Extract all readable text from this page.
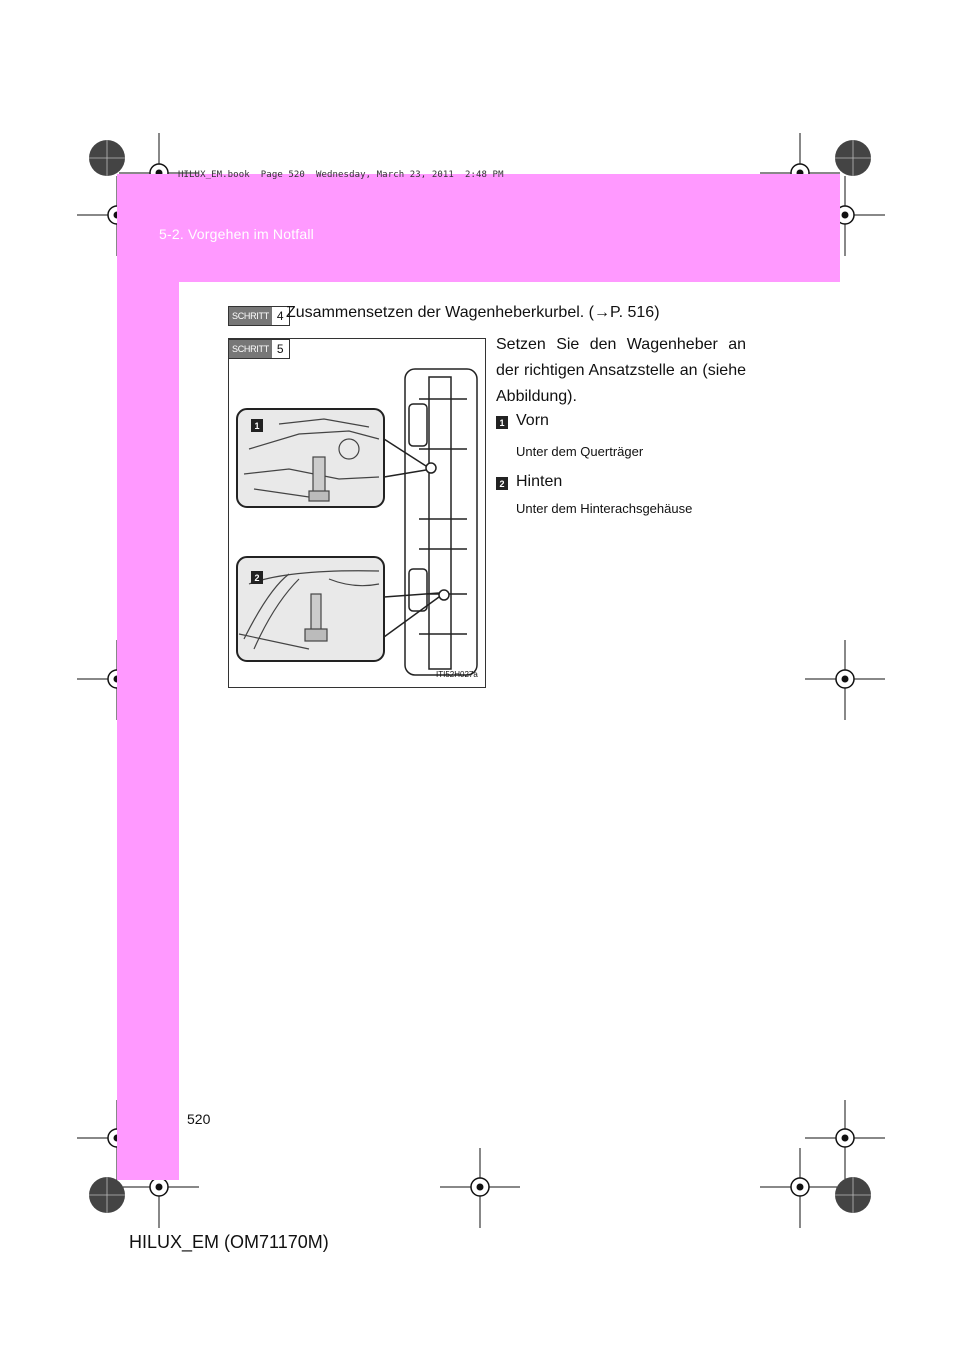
HILUX_EM.book  Page 520  Wednesday, March 23, 2011  2:48 PM
5-2. Vorgehen im Notfall
SCHRITT 4 Zusammensetzen der Wagenheberkurbel. (→P. 516)
1
2
SCHRITT 5
ITI52H027a
Setzen Sie den Wagenheber an der richtigen Ansatzstelle an (siehe Abbildung).
1 Vorn
Unter dem Querträger
2 Hinten
Unter dem Hinterachsgehäuse
520
HILUX_EM (OM71170M)
